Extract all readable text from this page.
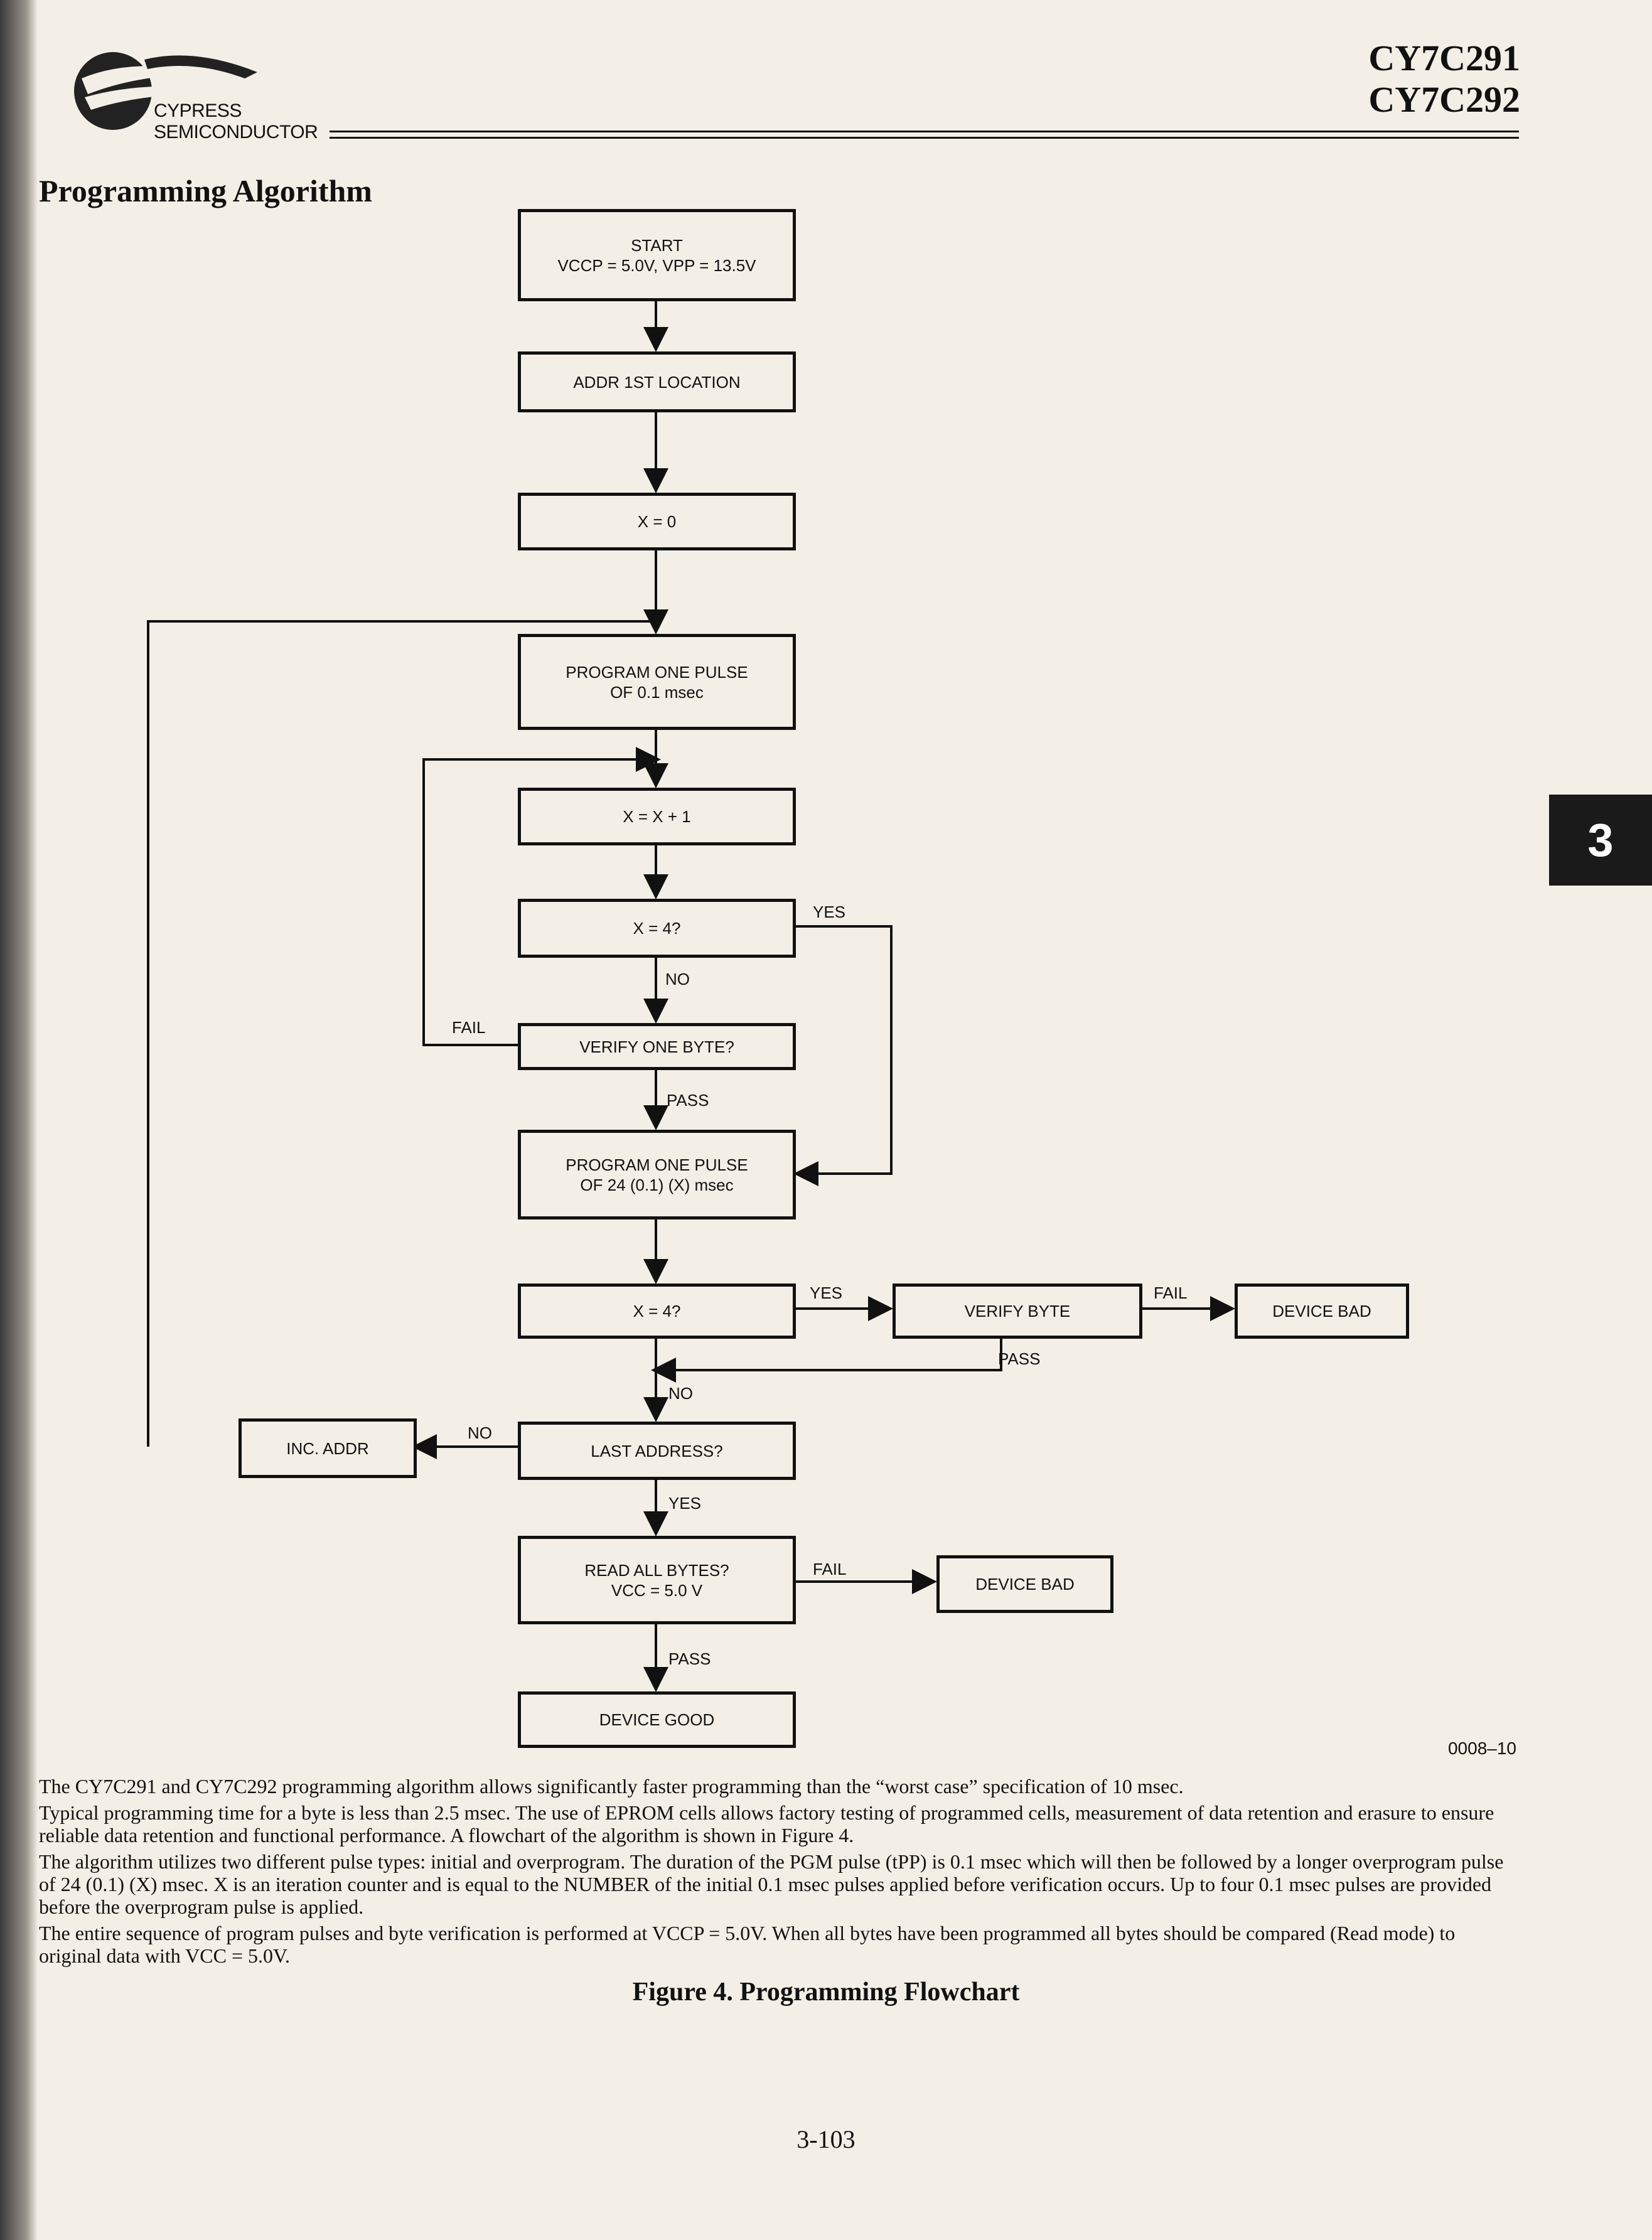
CYPRESS
SEMICONDUCTOR
CY7C291
CY7C292
Programming Algorithm
3
START
VCCP = 5.0V, VPP = 13.5V
ADDR 1ST LOCATION
X = 0
PROGRAM ONE PULSE
OF 0.1 msec
X = X + 1
X = 4?
VERIFY ONE BYTE?
PROGRAM ONE PULSE
OF 24 (0.1) (X) msec
X = 4?	VERIFY BYTE	DEVICE BAD
LAST ADDRESS?
INC. ADDR
READ ALL BYTES?
VCC = 5.0 V	DEVICE BAD
DEVICE GOOD
YES
NO
FAIL
PASS
YES	FAIL
PASS
NO
NO
YES
FAIL
PASS
0008–10

The CY7C291 and CY7C292 programming algorithm allows significantly faster programming than the “worst case” specification of 10 msec.

Typical programming time for a byte is less than 2.5 msec. The use of EPROM cells allows factory testing of programmed cells, measurement of data retention and erasure to ensure reliable data retention and functional performance. A flowchart of the algorithm is shown in Figure 4.

The algorithm utilizes two different pulse types: initial and overprogram. The duration of the PGM pulse (tPP) is 0.1 msec which will then be followed by a longer overprogram pulse of 24 (0.1) (X) msec. X is an iteration counter and is equal to the NUMBER of the initial 0.1 msec pulses applied before verification occurs. Up to four 0.1 msec pulses are provided before the overprogram pulse is applied.

The entire sequence of program pulses and byte verification is performed at VCCP = 5.0V. When all bytes have been programmed all bytes should be compared (Read mode) to original data with VCC = 5.0V.

Figure 4. Programming Flowchart
3-103
